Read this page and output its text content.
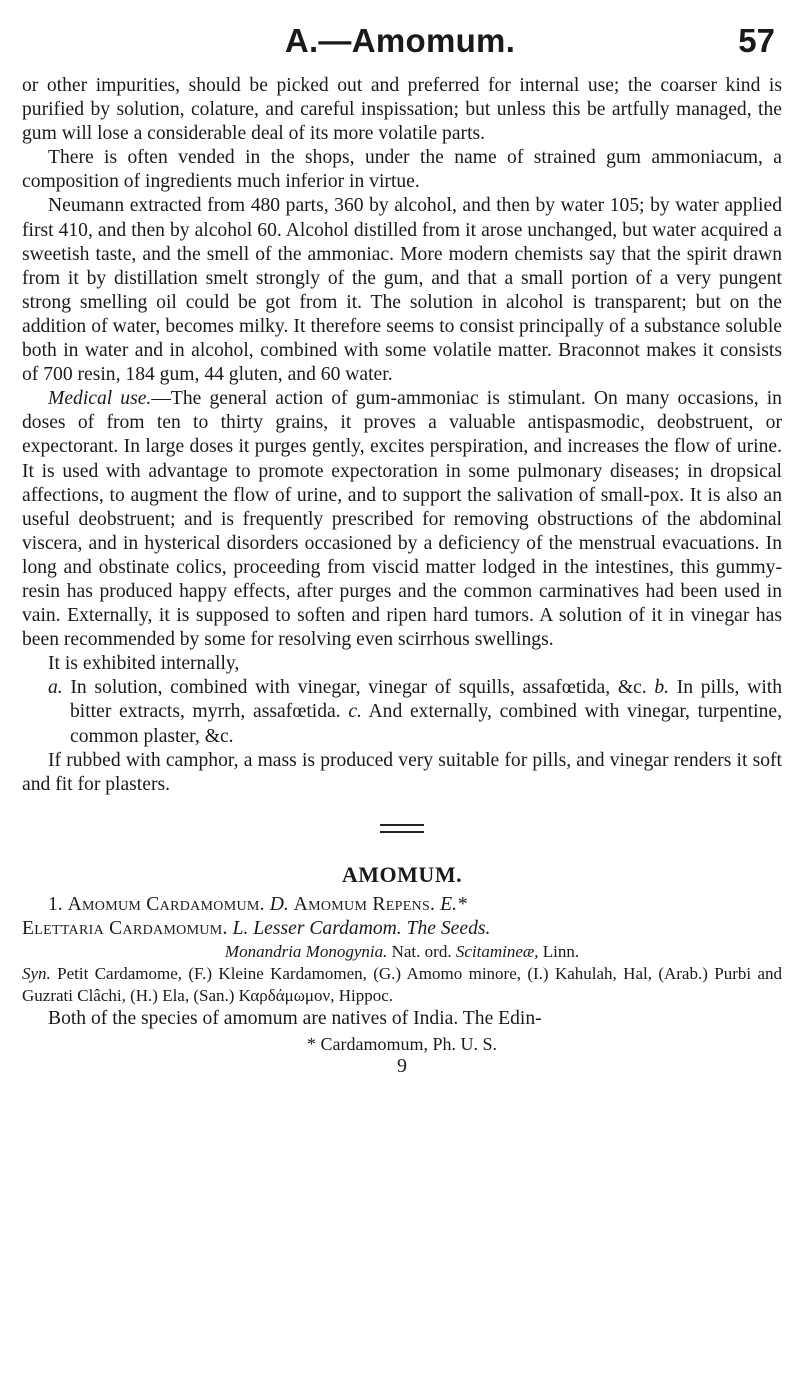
A.—Amomum.	57

or other impurities, should be picked out and preferred for internal use; the coarser kind is purified by solution, colature, and careful inspissation; but unless this be artfully managed, the gum will lose a considerable deal of its more volatile parts.

There is often vended in the shops, under the name of strained gum ammoniacum, a composition of ingredients much inferior in virtue.

Neumann extracted from 480 parts, 360 by alcohol, and then by water 105; by water applied first 410, and then by alcohol 60. Alcohol distilled from it arose unchanged, but water acquired a sweetish taste, and the smell of the ammoniac. More modern chemists say that the spirit drawn from it by distillation smelt strongly of the gum, and that a small portion of a very pungent strong smelling oil could be got from it. The solution in alcohol is transparent; but on the addition of water, becomes milky. It therefore seems to consist principally of a substance soluble both in water and in alcohol, combined with some volatile matter. Braconnot makes it consists of 700 resin, 184 gum, 44 gluten, and 60 water.

Medical use.—The general action of gum-ammoniac is stimulant. On many occasions, in doses of from ten to thirty grains, it proves a valuable antispasmodic, deobstruent, or expectorant. In large doses it purges gently, excites perspiration, and increases the flow of urine. It is used with advantage to promote expectoration in some pulmonary diseases; in dropsical affections, to augment the flow of urine, and to support the salivation of small-pox. It is also an useful deobstruent; and is frequently prescribed for removing obstructions of the abdominal viscera, and in hysterical disorders occasioned by a deficiency of the menstrual evacuations. In long and obstinate colics, proceeding from viscid matter lodged in the intestines, this gummy-resin has produced happy effects, after purges and the common carminatives had been used in vain. Externally, it is supposed to soften and ripen hard tumors. A solution of it in vinegar has been recommended by some for resolving even scirrhous swellings.

It is exhibited internally,

a. In solution, combined with vinegar, vinegar of squills, assafœtida, &c. b. In pills, with bitter extracts, myrrh, assafœtida. c. And externally, combined with vinegar, turpentine, common plaster, &c.

If rubbed with camphor, a mass is produced very suitable for pills, and vinegar renders it soft and fit for plasters.

AMOMUM.

1. Amomum Cardamomum. D. Amomum Repens. E.*

Elettaria Cardamomum. L. Lesser Cardamom. The Seeds.

Monandria Monogynia. Nat. ord. Scitamineæ, Linn.

Syn. Petit Cardamome, (F.) Kleine Kardamomen, (G.) Amomo minore, (I.) Kahulah, Hal, (Arab.) Purbi and Guzrati Clâchi, (H.) Ela, (San.) Καρδάμωμον, Hippoc.

Both of the species of amomum are natives of India. The Edin-

* Cardamomum, Ph. U. S.

9
